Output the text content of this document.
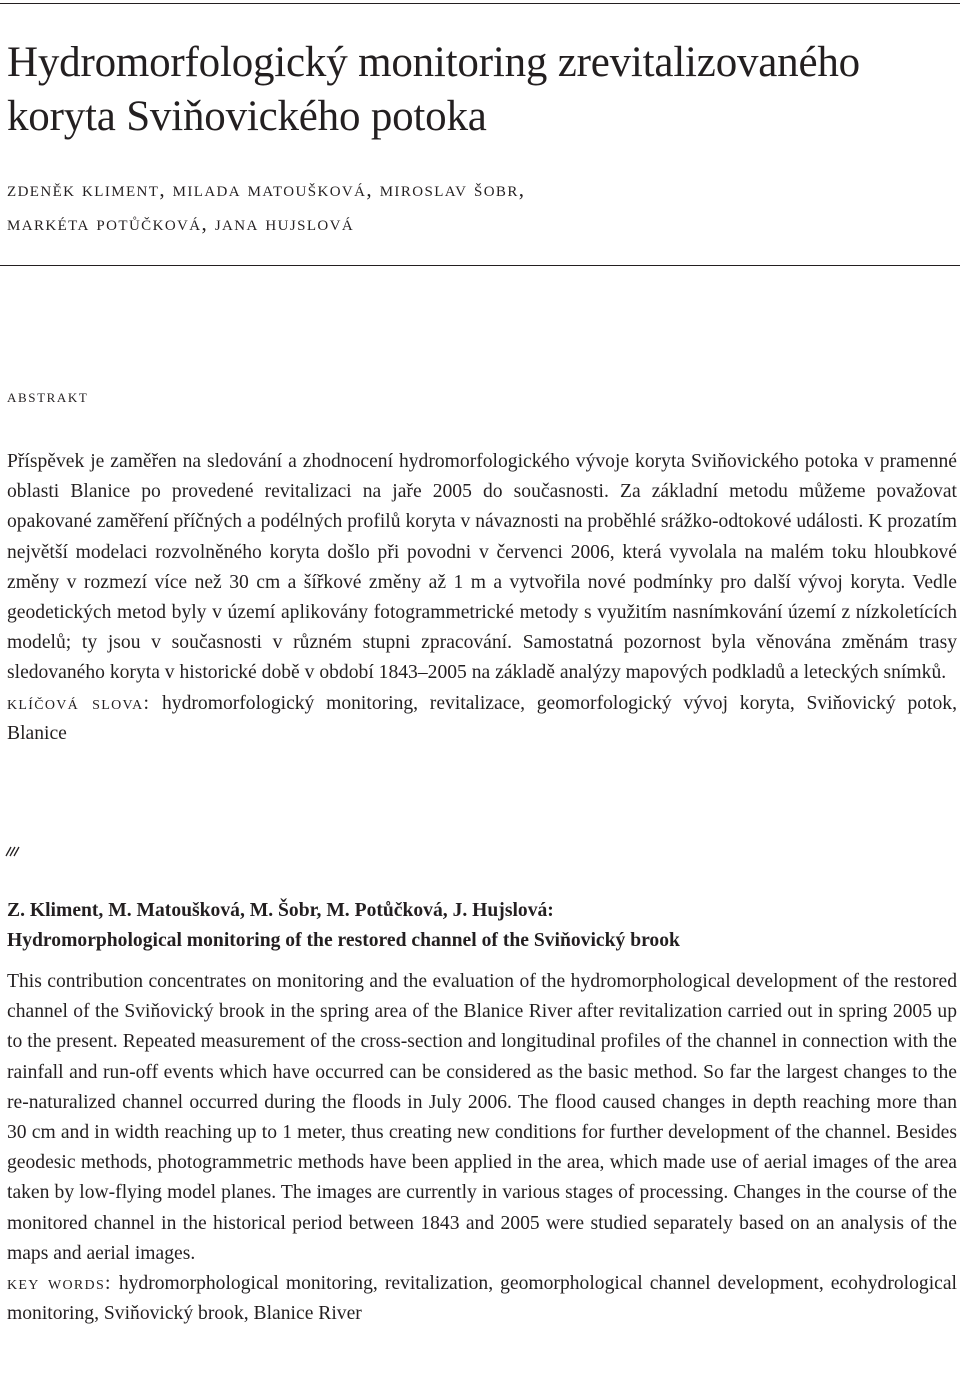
Hydromorfologický monitoring zrevitalizovaného koryta Sviňovického potoka
zdeněk kliment, milada matoušková, miroslav šobr,
markéta potůčková, jana hujslová
abstrakt

Příspěvek je zaměřen na sledování a zhodnocení hydromorfologického vývoje koryta Sviňovického potoka v pramenné oblasti Blanice po provedené revitalizaci na jaře 2005 do současnosti. Za základní metodu můžeme považovat opakované zaměření příčných a podélných profilů koryta v návaznosti na proběhlé srážko-odtokové události. K prozatím největší modelaci rozvolněného koryta došlo při povodni v červenci 2006, která vyvolala na malém toku hloubkové změny v rozmezí více než 30 cm a šířkové změny až 1 m a vytvořila nové podmínky pro další vývoj koryta. Vedle geodetických metod byly v území aplikovány fotogrammetrické metody s využitím nasnímkování území z nízkoletících modelů; ty jsou v současnosti v různém stupni zpracování. Samostatná pozornost byla věnována změnám trasy sledovaného koryta v historické době v období 1843–2005 na základě analýzy mapových podkladů a leteckých snímků.
klíčová slova: hydromorfologický monitoring, revitalizace, geomorfologický vývoj koryta, Sviňovický potok, Blanice

Z. Kliment, M. Matoušková, M. Šobr, M. Potůčková, J. Hujslová:
Hydromorphological monitoring of the restored channel of the Sviňovický brook

This contribution concentrates on monitoring and the evaluation of the hydromorphological development of the restored channel of the Sviňovický brook in the spring area of the Blanice River after revitalization carried out in spring 2005 up to the present. Repeated measurement of the cross-section and longitudinal profiles of the channel in connection with the rainfall and run-off events which have occurred can be considered as the basic method. So far the largest changes to the re-naturalized channel occurred during the floods in July 2006. The flood caused changes in depth reaching more than 30 cm and in width reaching up to 1 meter, thus creating new conditions for further development of the channel. Besides geodesic methods, photogrammetric methods have been applied in the area, which made use of aerial images of the area taken by low-flying model planes. The images are currently in various stages of processing. Changes in the course of the monitored channel in the historical period between 1843 and 2005 were studied separately based on an analysis of the maps and aerial images.
key words: hydromorphological monitoring, revitalization, geomorphological channel development, ecohydrological monitoring, Sviňovický brook, Blanice River
